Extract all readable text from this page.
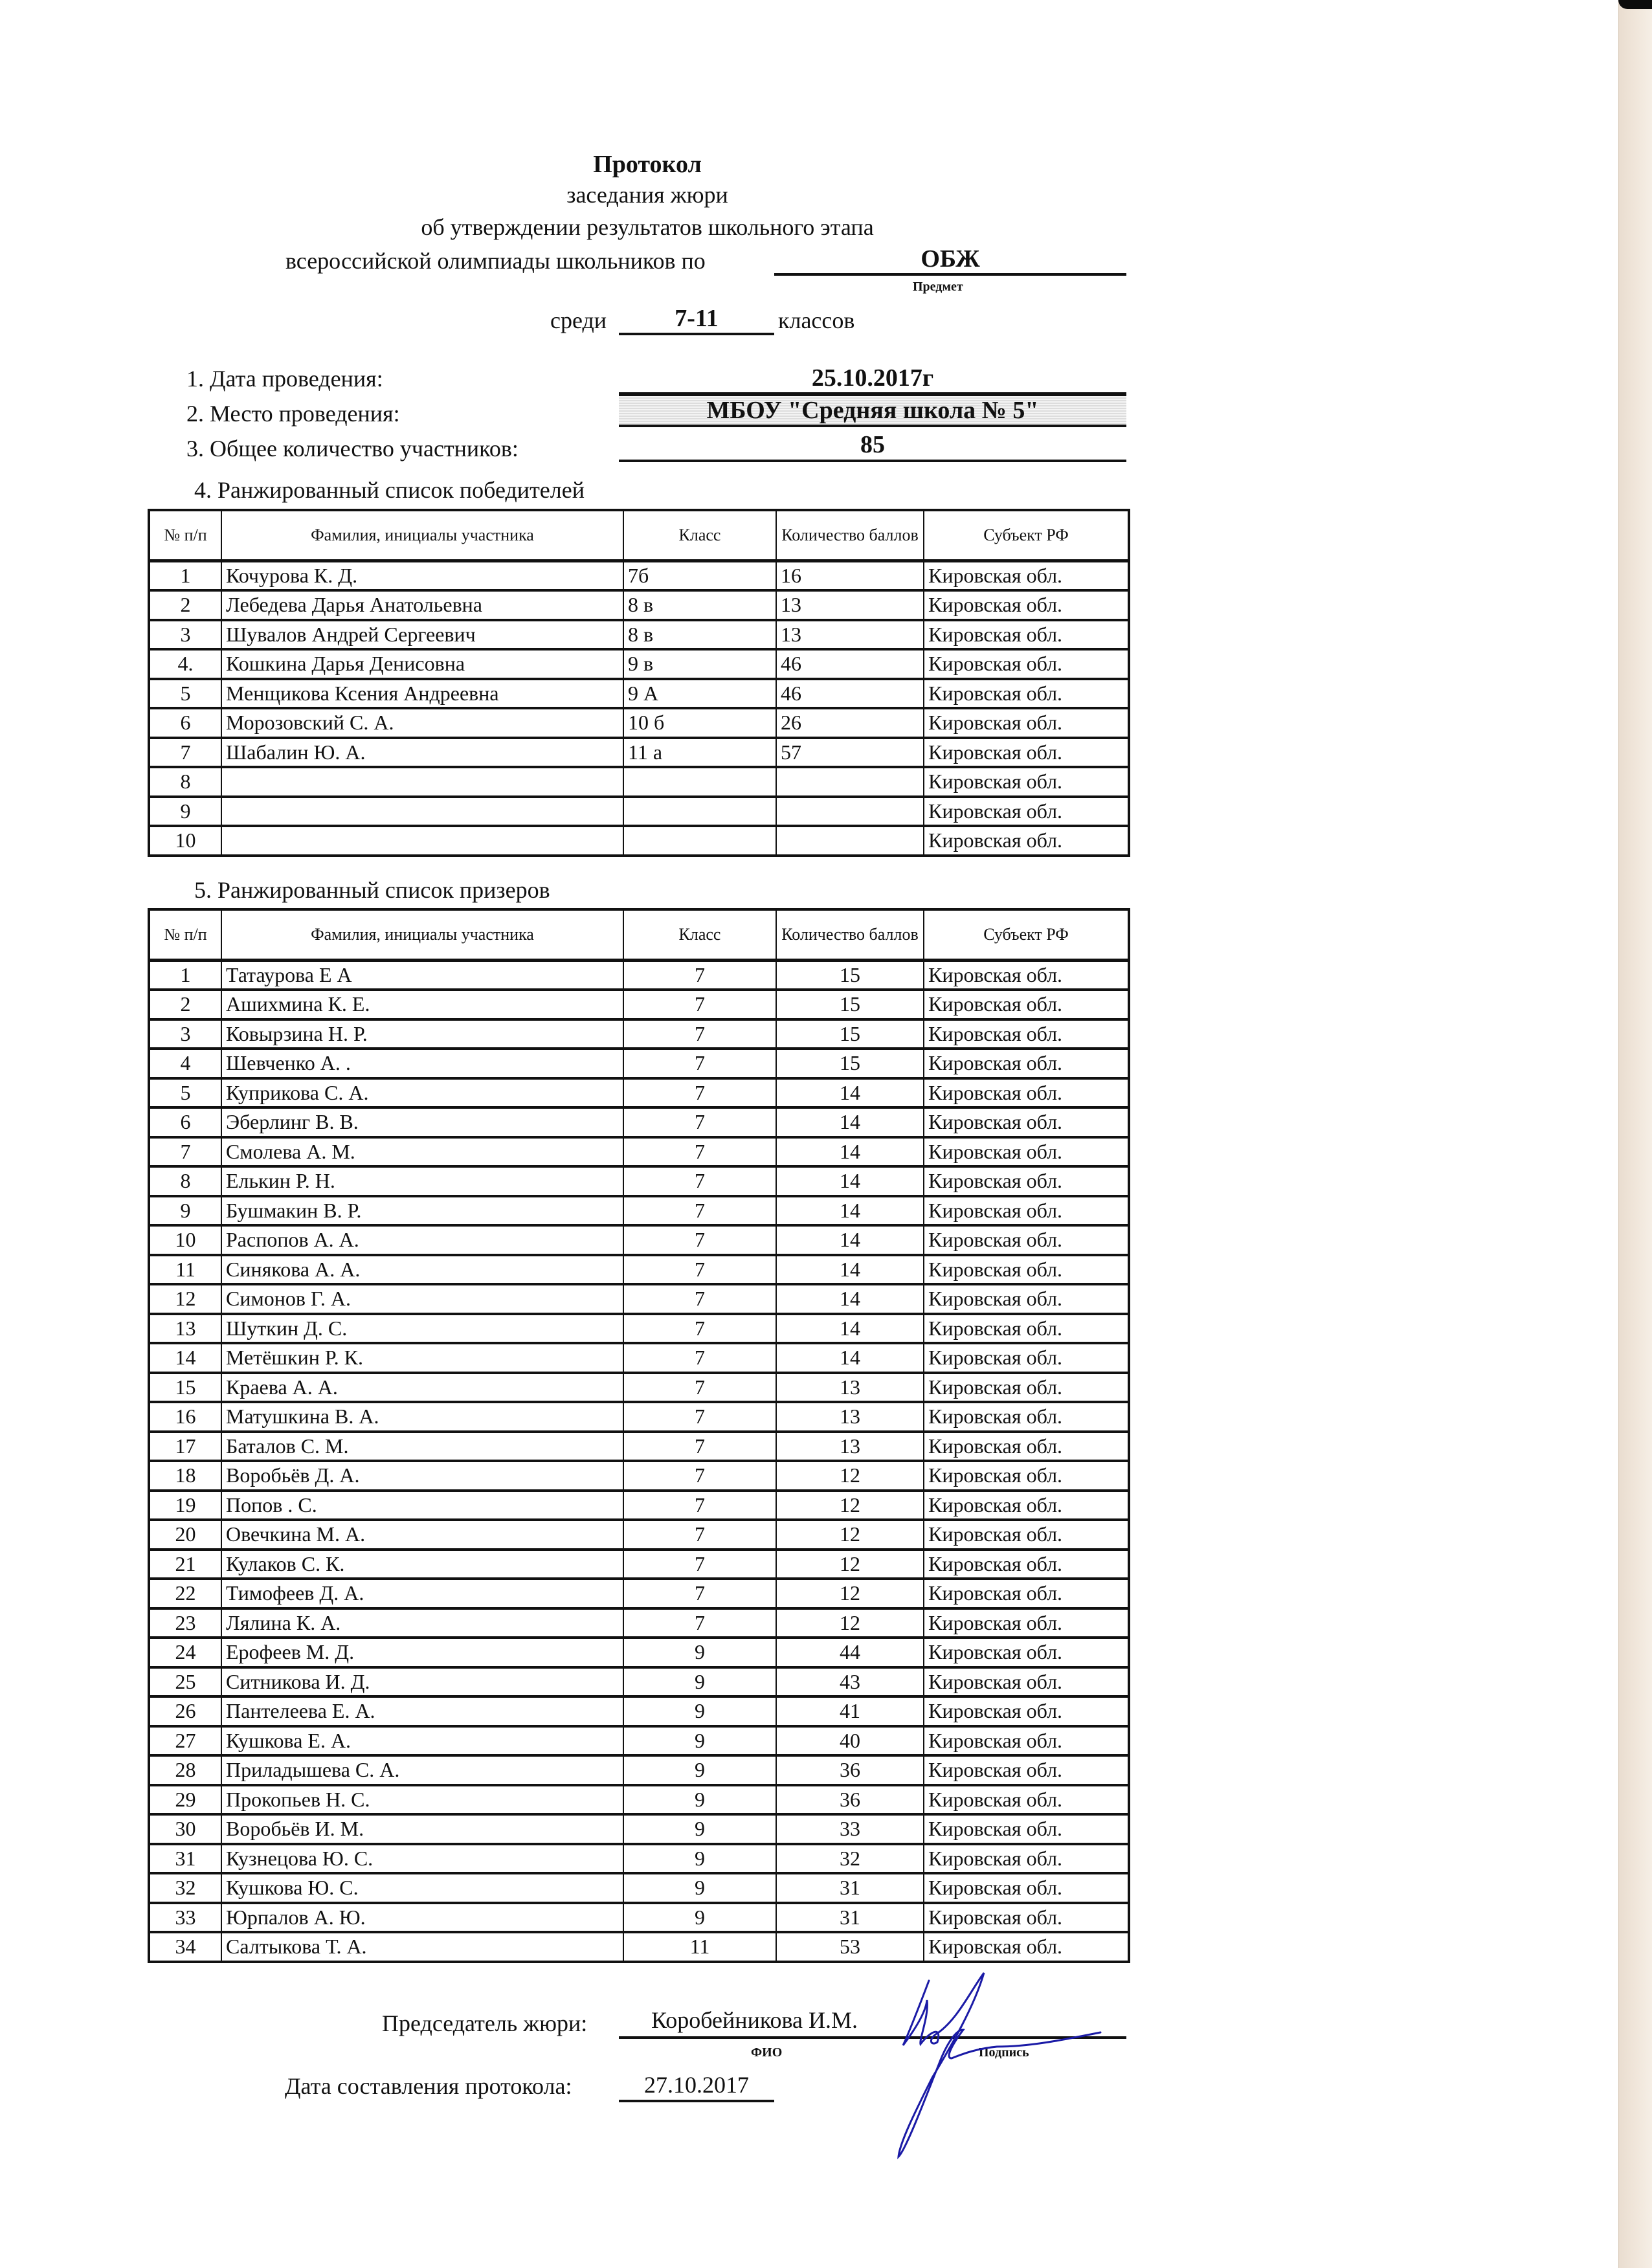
Протокол
заседания жюри
об утверждении результатов школьного этапа
всероссийской олимпиады школьников по	ОБЖ
Предмет
среди	7-11	классов
1. Дата проведения:	25.10.2017г
2. Место проведения:	МБОУ "Средняя школа № 5"
3. Общее количество участников:	85
4. Ранжированный список победителей
№ п/п	Фамилия, инициалы участника	Класс	Количество баллов	Субъект РФ
1	Кочурова К. Д.	7б	16	Кировская обл.
2	Лебедева Дарья Анатольевна	8 в	13	Кировская обл.
3	Шувалов Андрей Сергеевич	8 в	13	Кировская обл.
4.	Кошкина Дарья Денисовна	9 в	46	Кировская обл.
5	Менщикова Ксения Андреевна	9 А	46	Кировская обл.
6	Морозовский С. А.	10 б	26	Кировская обл.
7	Шабалин Ю. А.	11 а	57	Кировская обл.
8				Кировская обл.
9				Кировская обл.
10				Кировская обл.
5. Ранжированный список призеров
№ п/п	Фамилия, инициалы участника	Класс	Количество баллов	Субъект РФ
1	Татаурова Е А	7	15	Кировская обл.
2	Ашихмина К. Е.	7	15	Кировская обл.
3	Ковырзина Н. Р.	7	15	Кировская обл.
4	Шевченко А. .	7	15	Кировская обл.
5	Куприкова С. А.	7	14	Кировская обл.
6	Эберлинг В. В.	7	14	Кировская обл.
7	Смолева А. М.	7	14	Кировская обл.
8	Елькин Р. Н.	7	14	Кировская обл.
9	Бушмакин В. Р.	7	14	Кировская обл.
10	Распопов А. А.	7	14	Кировская обл.
11	Синякова А. А.	7	14	Кировская обл.
12	Симонов Г. А.	7	14	Кировская обл.
13	Шуткин Д. С.	7	14	Кировская обл.
14	Метёшкин Р. К.	7	14	Кировская обл.
15	Краева А. А.	7	13	Кировская обл.
16	Матушкина В. А.	7	13	Кировская обл.
17	Баталов С. М.	7	13	Кировская обл.
18	Воробьёв Д. А.	7	12	Кировская обл.
19	Попов . С.	7	12	Кировская обл.
20	Овечкина М. А.	7	12	Кировская обл.
21	Кулаков С. К.	7	12	Кировская обл.
22	Тимофеев Д. А.	7	12	Кировская обл.
23	Лялина К. А.	7	12	Кировская обл.
24	Ерофеев М. Д.	9	44	Кировская обл.
25	Ситникова И. Д.	9	43	Кировская обл.
26	Пантелеева Е. А.	9	41	Кировская обл.
27	Кушкова Е. А.	9	40	Кировская обл.
28	Приладышева С. А.	9	36	Кировская обл.
29	Прокопьев Н. С.	9	36	Кировская обл.
30	Воробьёв И. М.	9	33	Кировская обл.
31	Кузнецова Ю. С.	9	32	Кировская обл.
32	Кушкова Ю. С.	9	31	Кировская обл.
33	Юрпалов А. Ю.	9	31	Кировская обл.
34	Салтыкова Т. А.	11	53	Кировская обл.
Председатель жюри:	Коробейникова И.М.
ФИО	Подпись
Дата составления протокола:	27.10.2017
